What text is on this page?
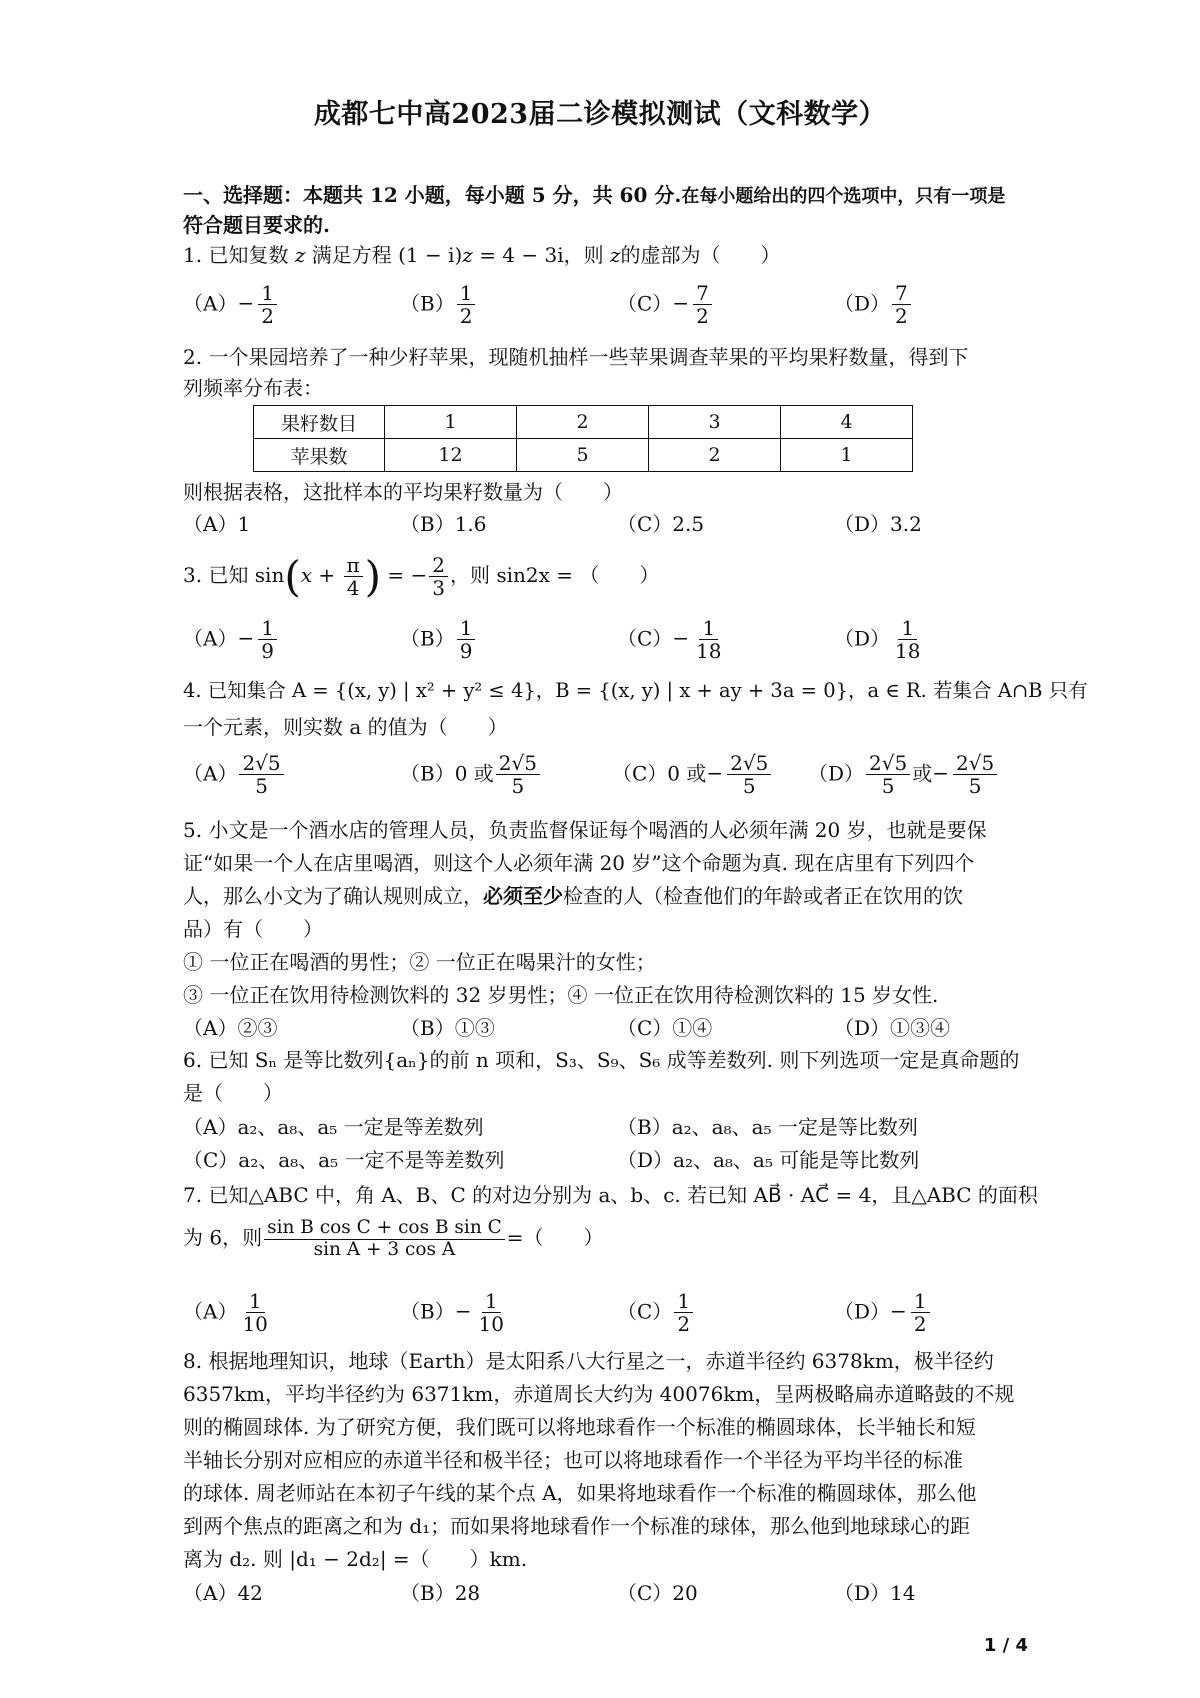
成都七中高2023届二诊模拟测试（文科数学）
一、选择题：本题共 12 小题，每小题 5 分，共 60 分.在每小题给出的四个选项中，只有一项是
符合题目要求的.
1. 已知复数 z 满足方程 (1 − i)z = 4 − 3i，则 z的虚部为（　　）
$(A)- \frac{1}{2}$	$(B) \frac{1}{2}$	$(C)- \frac{7}{2}$	$(D) \frac{7}{2}$
2. 一个果园培养了一种少籽苹果，现随机抽样一些苹果调查苹果的平均果籽数量，得到下
列频率分布表：
果籽数目	1	2	3	4
苹果数	12	5	2	1
则根据表格，这批样本的平均果籽数量为（　　）
（A）1	（B）1.6	（C）2.5	（D）3.2
3. 已知 $\sin(x + \frac{\pi}{4}$ ) = − $\frac{2}{3}$ ，则 sin2x = （　　）
$(A)- \frac{1}{9}$	$(B) \frac{1}{9}$	$(C)- \frac{1}{18}$	$(D) \frac{1}{18}$
4. 已知集合 A = {(x, y) | x² + y² ≤ 4}，B = {(x, y) | x + ay + 3a = 0}，a ∈ R. 若集合 A∩B 只有
一个元素，则实数 a 的值为（　　）
$(A) \frac{2√5}{5}$	（B）0 或 $\frac{2√5}{5}$	（C）0 或− $\frac{2√5}{5} (D) \frac{2√5}{5}$ 或− $\frac{2√5}{5}$
5. 小文是一个酒水店的管理人员，负责监督保证每个喝酒的人必须年满 20 岁，也就是要保
证“如果一个人在店里喝酒，则这个人必须年满 20 岁”这个命题为真. 现在店里有下列四个
人，那么小文为了确认规则成立，必须至少检查的人（检查他们的年龄或者正在饮用的饮
品）有（　　）
① 一位正在喝酒的男性；② 一位正在喝果汁的女性；
③ 一位正在饮用待检测饮料的 32 岁男性；④ 一位正在饮用待检测饮料的 15 岁女性.
（A）②③	（B）①③	（C）①④	（D）①③④
6. 已知 Sₙ 是等比数列{aₙ}的前 n 项和，S₃、S₉、S₆ 成等差数列. 则下列选项一定是真命题的
是（　　）
（A）a₂、a₈、a₅ 一定是等差数列	（B）a₂、a₈、a₅ 一定是等比数列
（C）a₂、a₈、a₅ 一定不是等差数列	（D）a₂、a₈、a₅ 可能是等比数列
7. 已知△ABC 中，角 A、B、C 的对边分别为 a、b、c. 若已知 AB⃗ · AC⃗ = 4，且△ABC 的面积
为 6，则 $\frac{\text{sin B cos C + cos B sin C}}{\text{sin A + 3 cos A}}$ =（　　）
$(A) \frac{1}{10}$	$(B)- \frac{1}{10}$	$(C) \frac{1}{2}$	$(D)- \frac{1}{2}$
8. 根据地理知识，地球（Earth）是太阳系八大行星之一，赤道半径约 6378km，极半径约
6357km，平均半径约为 6371km，赤道周长大约为 40076km，呈两极略扁赤道略鼓的不规
则的椭圆球体. 为了研究方便，我们既可以将地球看作一个标准的椭圆球体，长半轴长和短
半轴长分别对应相应的赤道半径和极半径；也可以将地球看作一个半径为平均半径的标准
的球体. 周老师站在本初子午线的某个点 A，如果将地球看作一个标准的椭圆球体，那么他
到两个焦点的距离之和为 d₁；而如果将地球看作一个标准的球体，那么他到地球球心的距
离为 d₂. 则 |d₁ − 2d₂| =（　　）km.
（A）42	（B）28	（C）20	（D）14
1 / 4
